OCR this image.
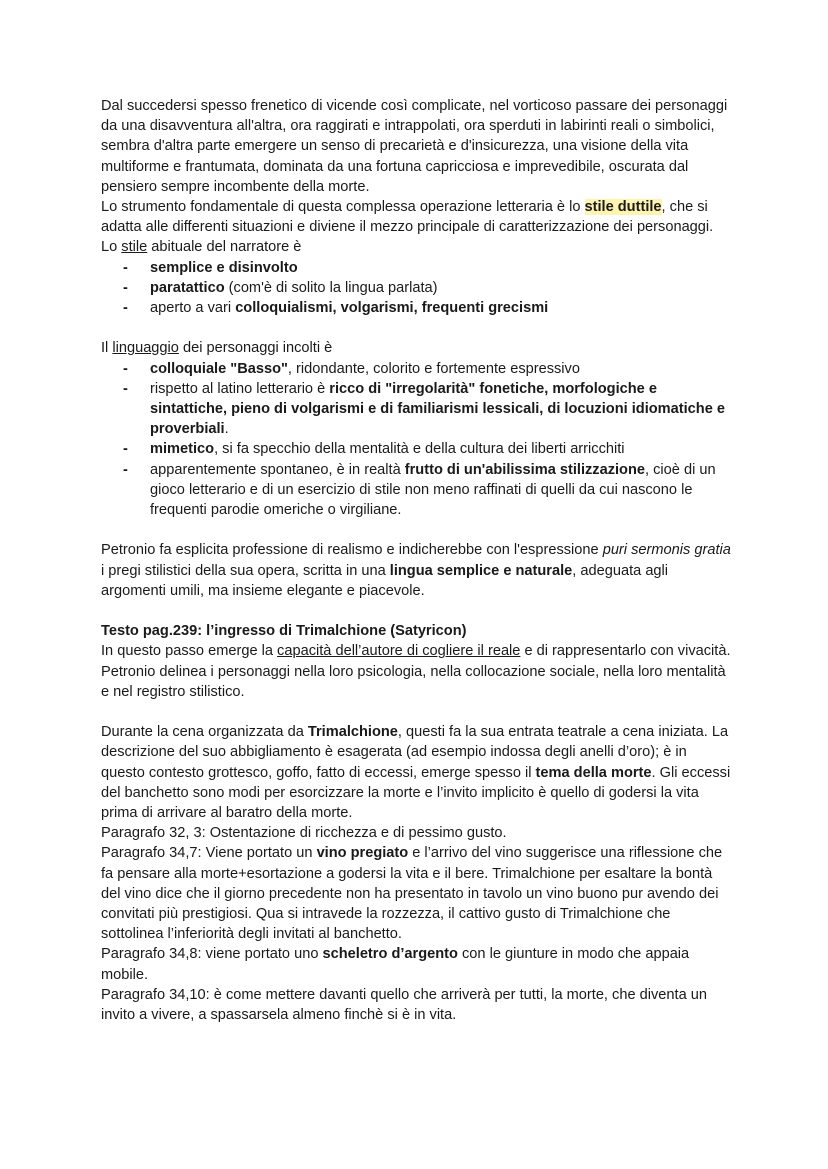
Dal succedersi spesso frenetico di vicende così complicate, nel vorticoso passare dei personaggi da una disavventura all'altra, ora raggirati e intrappolati, ora sperduti in labirinti reali o simbolici, sembra d'altra parte emergere un senso di precarietà e d'insicurezza, una visione della vita multiforme e frantumata, dominata da una fortuna capricciosa e imprevedibile, oscurata dal pensiero sempre incombente della morte.

Lo strumento fondamentale di questa complessa operazione letteraria è lo stile duttile, che si adatta alle differenti situazioni e diviene il mezzo principale di caratterizzazione dei personaggi.

Lo stile abituale del narratore è

- semplice e disinvolto
- paratattico (com'è di solito la lingua parlata)
- aperto a vari colloquialismi, volgarismi, frequenti grecismi

Il linguaggio dei personaggi incolti è

- colloquiale "Basso", ridondante, colorito e fortemente espressivo
- rispetto al latino letterario è ricco di "irregolarità" fonetiche, morfologiche e sintattiche, pieno di volgarismi e di familiarismi lessicali, di locuzioni idiomatiche e proverbiali.
- mimetico, si fa specchio della mentalità e della cultura dei liberti arricchiti
- apparentemente spontaneo, è in realtà frutto di un'abilissima stilizzazione, cioè di un gioco letterario e di un esercizio di stile non meno raffinati di quelli da cui nascono le frequenti parodie omeriche o virgiliane.

Petronio fa esplicita professione di realismo e indicherebbe con l'espressione puri sermonis gratia i pregi stilistici della sua opera, scritta in una lingua semplice e naturale, adeguata agli argomenti umili, ma insieme elegante e piacevole.

Testo pag.239: l’ingresso di Trimalchione (Satyricon)

In questo passo emerge la capacità dell’autore di cogliere il reale e di rappresentarlo con vivacità. Petronio delinea i personaggi nella loro psicologia, nella collocazione sociale, nella loro mentalità e nel registro stilistico.

Durante la cena organizzata da Trimalchione, questi fa la sua entrata teatrale a cena iniziata. La descrizione del suo abbigliamento è esagerata (ad esempio indossa degli anelli d’oro); è in questo contesto grottesco, goffo, fatto di eccessi, emerge spesso il tema della morte. Gli eccessi del banchetto sono modi per esorcizzare la morte e l’invito implicito è quello di godersi la vita prima di arrivare al baratro della morte.

Paragrafo 32, 3: Ostentazione di ricchezza e di pessimo gusto.

Paragrafo 34,7: Viene portato un vino pregiato e l’arrivo del vino suggerisce una riflessione che fa pensare alla morte+esortazione a godersi la vita e il bere. Trimalchione per esaltare la bontà del vino dice che il giorno precedente non ha presentato in tavolo un vino buono pur avendo dei convitati più prestigiosi. Qua si intravede la rozzezza, il cattivo gusto di Trimalchione che sottolinea l’inferiorità degli invitati al banchetto.

Paragrafo 34,8: viene portato uno scheletro d’argento con le giunture in modo che appaia mobile.

Paragrafo 34,10: è come mettere davanti quello che arriverà per tutti, la morte, che diventa un invito a vivere, a spassarsela almeno finchè si è in vita.
